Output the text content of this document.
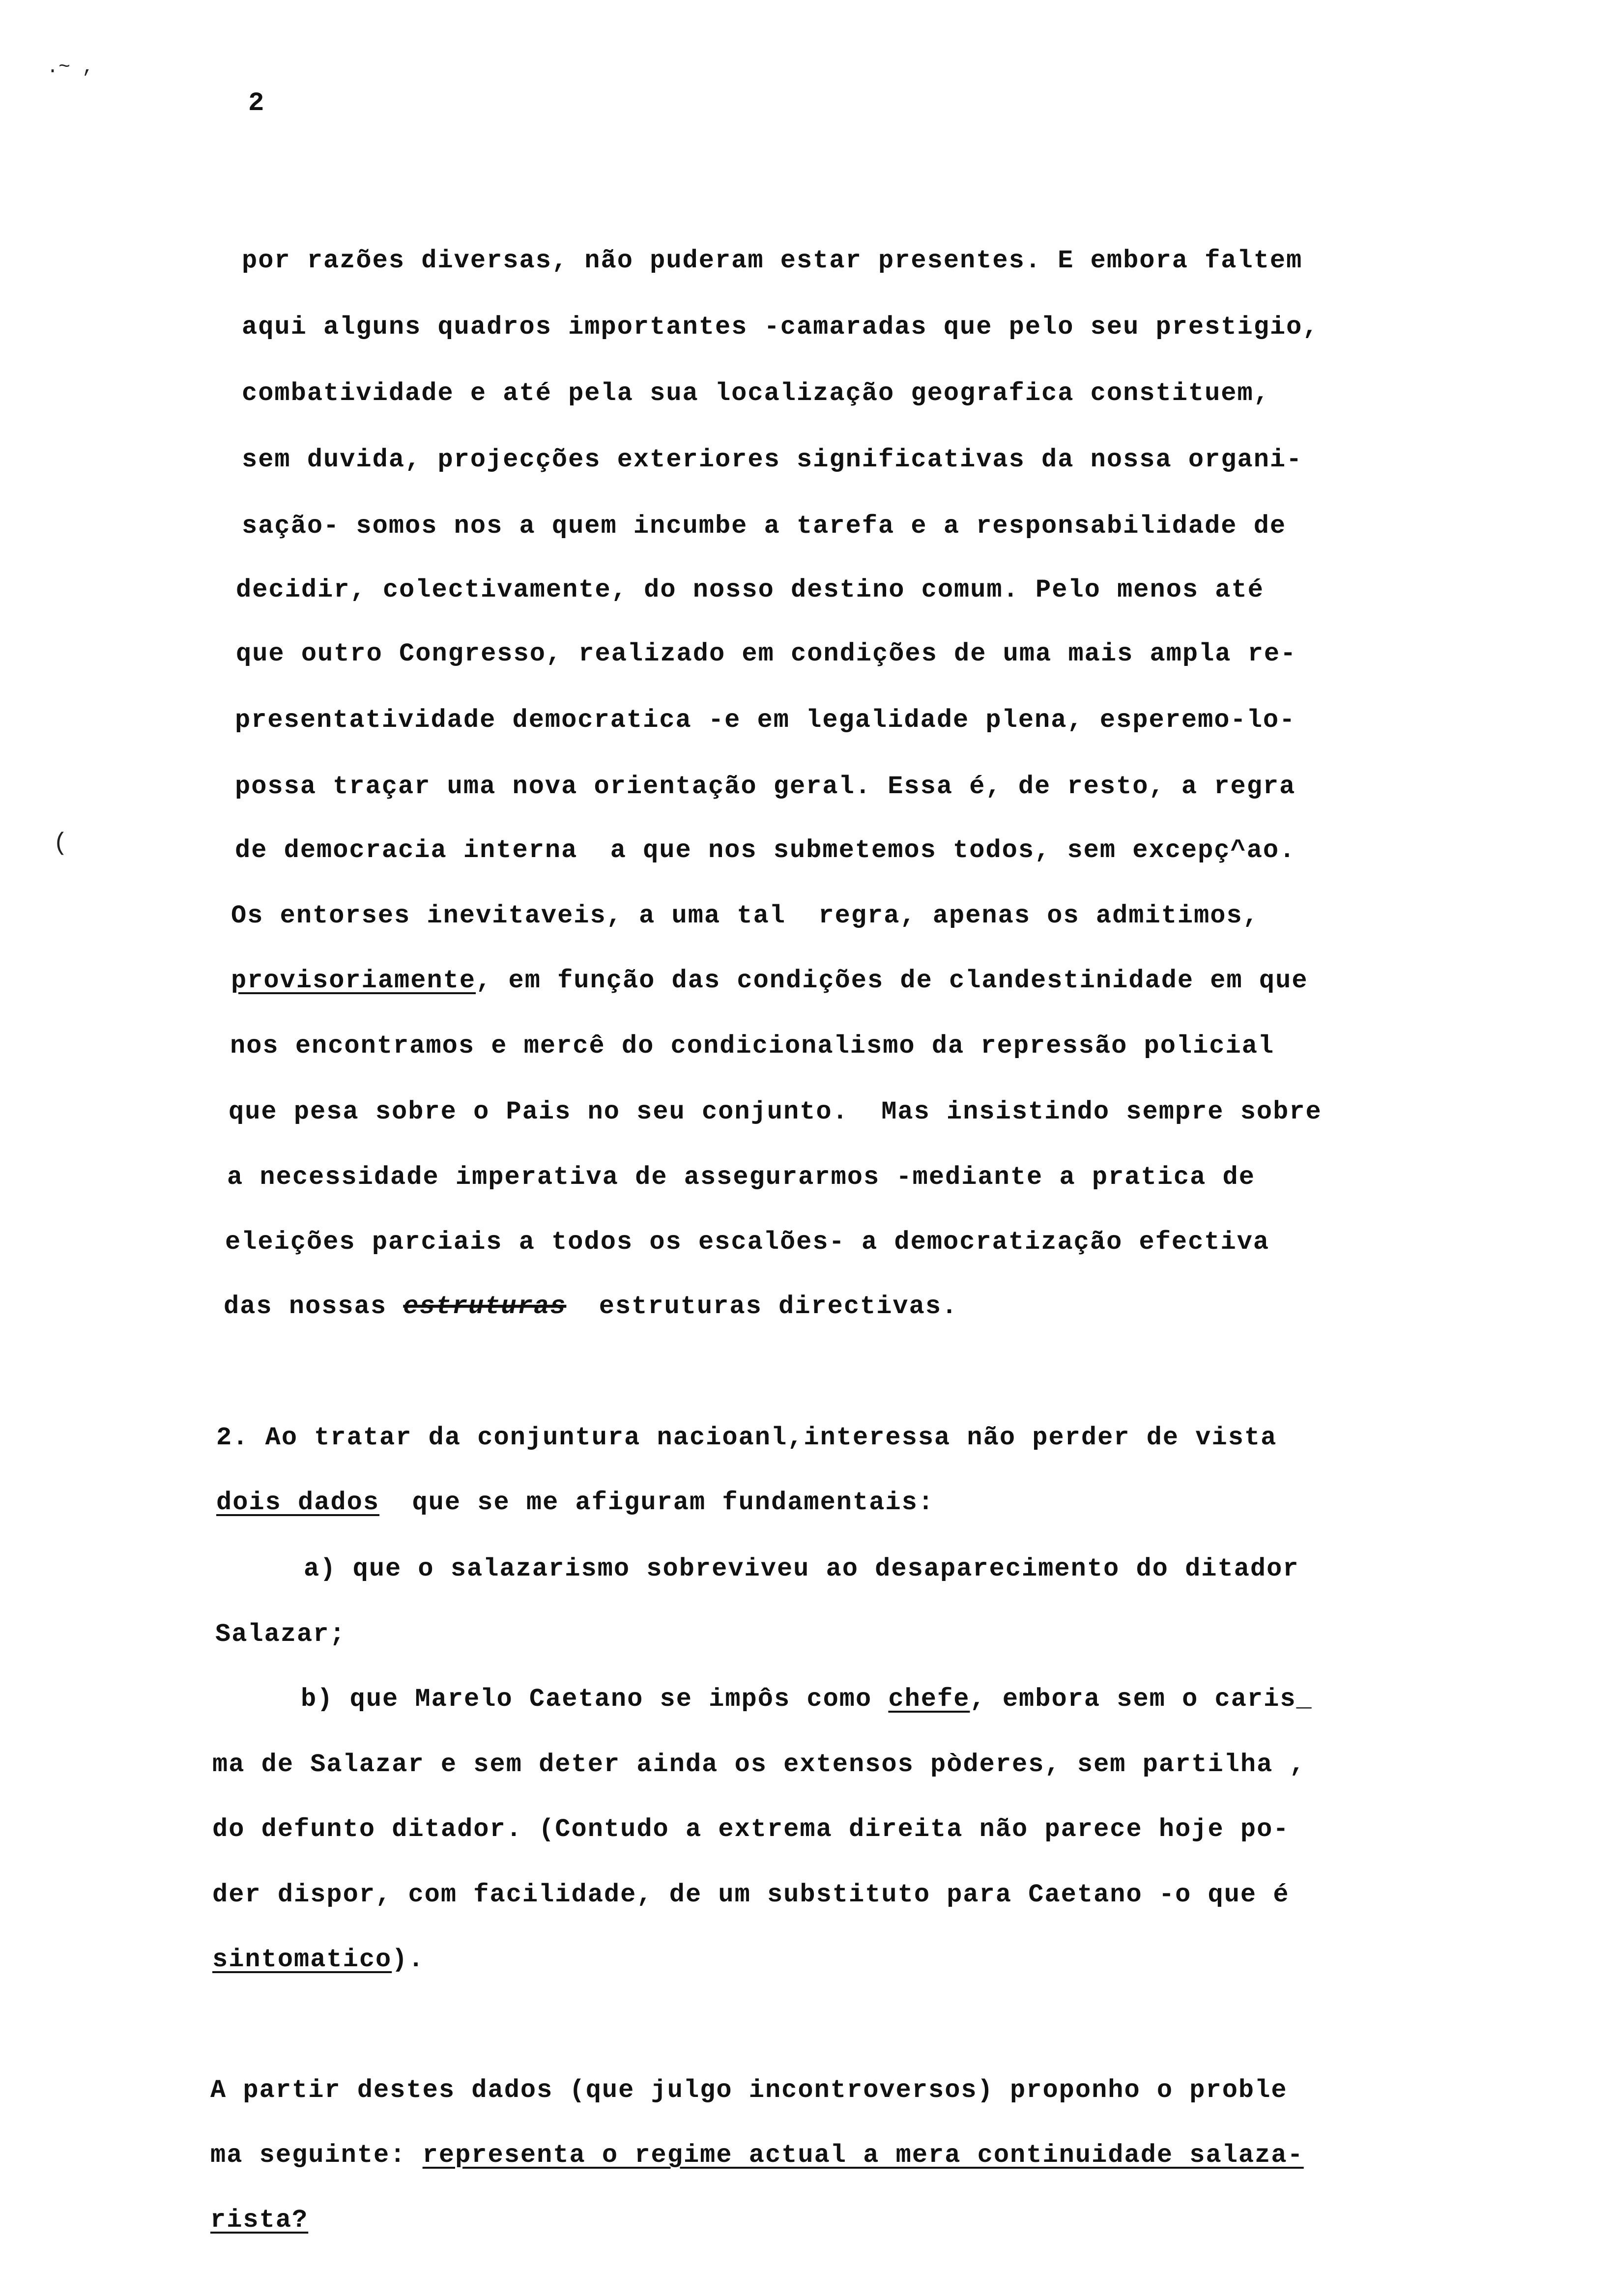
.~ ,
2
(
por razões diversas, não puderam estar presentes. E embora faltem
aqui alguns quadros importantes -camaradas que pelo seu prestigio,
combatividade e até pela sua localização geografica constituem,
sem duvida, projecções exteriores significativas da nossa organi-
sação- somos nos a quem incumbe a tarefa e a responsabilidade de
decidir, colectivamente, do nosso destino comum. Pelo menos até
que outro Congresso, realizado em condições de uma mais ampla re-
presentatividade democratica -e em legalidade plena, esperemo-lo-
possa traçar uma nova orientação geral. Essa é, de resto, a regra
de democracia interna  a que nos submetemos todos, sem excepç^ao.
Os entorses inevitaveis, a uma tal  regra, apenas os admitimos,
provisoriamente, em função das condições de clandestinidade em que
nos encontramos e mercê do condicionalismo da repressão policial
que pesa sobre o Pais no seu conjunto.  Mas insistindo sempre sobre
a necessidade imperativa de assegurarmos -mediante a pratica de
eleições parciais a todos os escalões- a democratização efectiva
das nossas estruturas  estruturas directivas.
2. Ao tratar da conjuntura nacioanl,interessa não perder de vista
dois dados  que se me afiguram fundamentais:
a) que o salazarismo sobreviveu ao desaparecimento do ditador
Salazar;
b) que Marelo Caetano se impôs como chefe, embora sem o caris_
ma de Salazar e sem deter ainda os extensos pòderes, sem partilha ,
do defunto ditador. (Contudo a extrema direita não parece hoje po-
der dispor, com facilidade, de um substituto para Caetano -o que é
sintomatico).
A partir destes dados (que julgo incontroversos) proponho o proble
ma seguinte: representa o regime actual a mera continuidade salaza-
rista?
